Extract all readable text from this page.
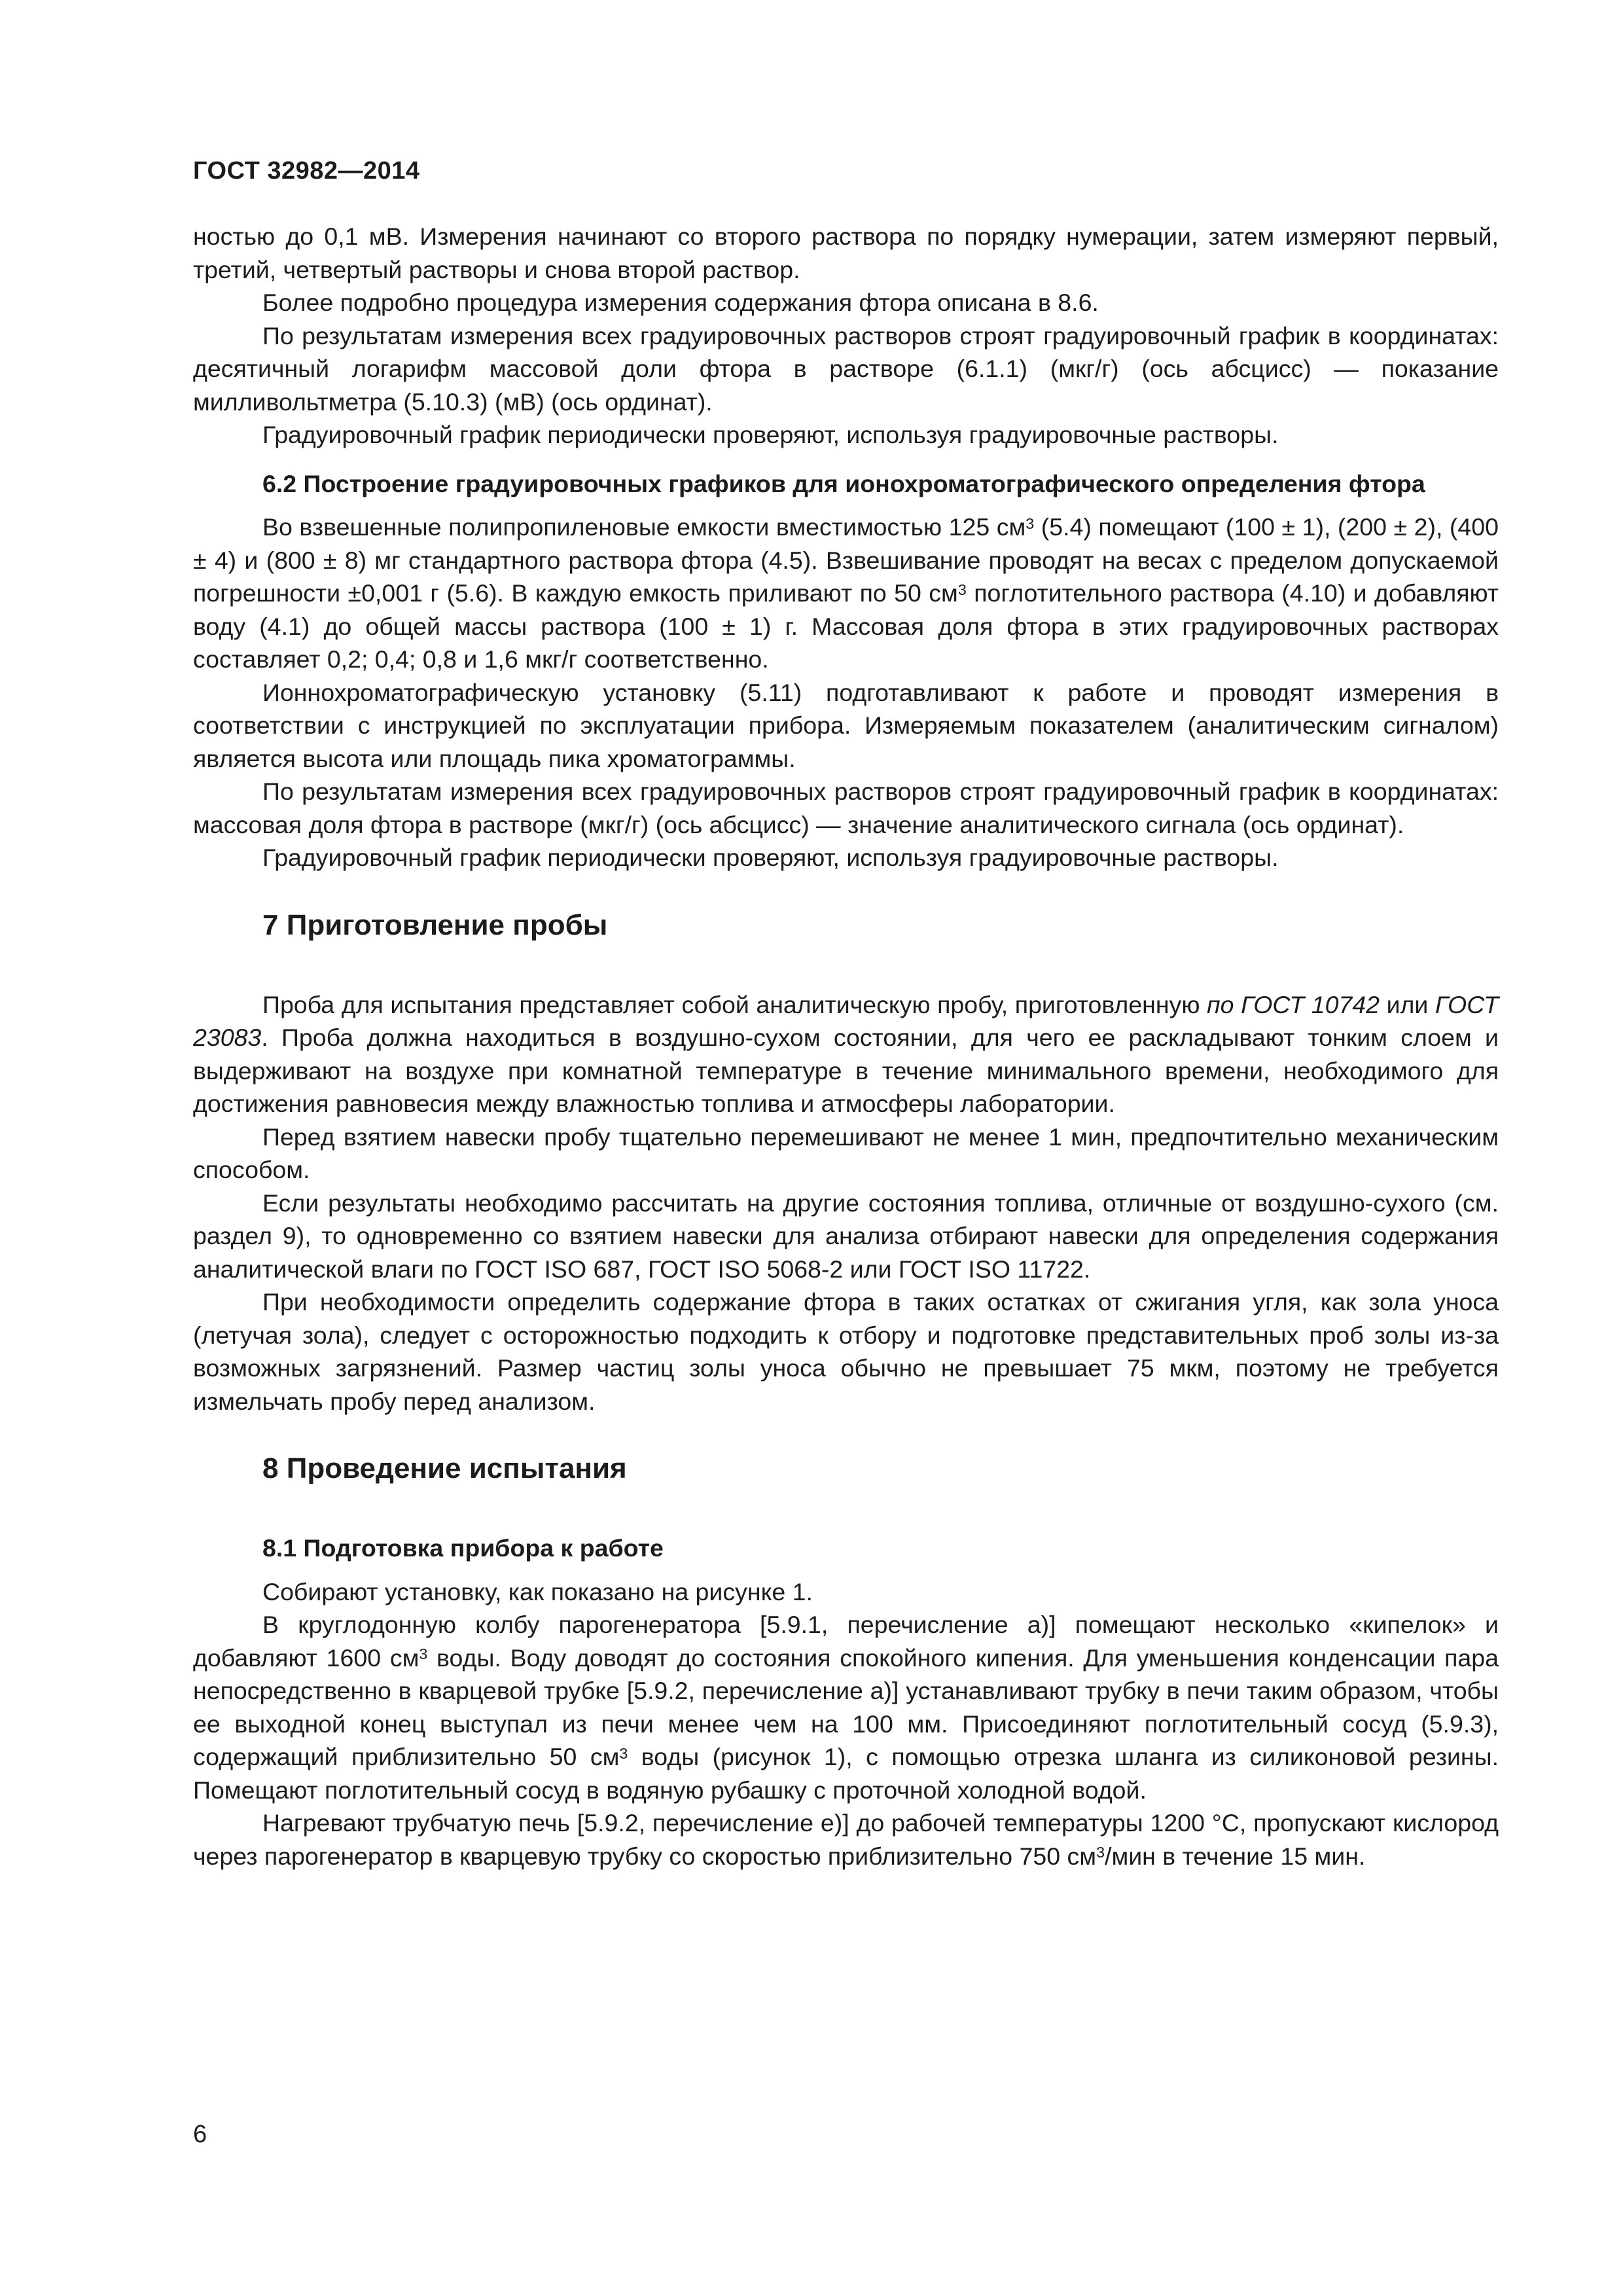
ГОСТ 32982—2014

ностью до 0,1 мВ. Измерения начинают со второго раствора по порядку нумерации, затем измеряют первый, третий, четвертый растворы и снова второй раствор.

Более подробно процедура измерения содержания фтора описана в 8.6.

По результатам измерения всех градуировочных растворов строят градуировочный график в координатах: десятичный логарифм массовой доли фтора в растворе (6.1.1) (мкг/г) (ось абсцисс) — показание милливольтметра (5.10.3) (мВ) (ось ординат).

Градуировочный график периодически проверяют, используя градуировочные растворы.

6.2 Построение градуировочных графиков для ионохроматографического определения фтора

Во взвешенные полипропиленовые емкости вместимостью 125 $см^3$ (5.4) помещают (100 ± 1), (200 ± 2), (400 ± 4) и (800 ± 8) мг стандартного раствора фтора (4.5). Взвешивание проводят на весах с пределом допускаемой погрешности ±0,001 г (5.6). В каждую емкость приливают по 50 $см^3$ поглотительного раствора (4.10) и добавляют воду (4.1) до общей массы раствора (100 ± 1) г. Массовая доля фтора в этих градуировочных растворах составляет 0,2; 0,4; 0,8 и 1,6 мкг/г соответственно.

Ионнохроматографическую установку (5.11) подготавливают к работе и проводят измерения в соответствии с инструкцией по эксплуатации прибора. Измеряемым показателем (аналитическим сигналом) является высота или площадь пика хроматограммы.

По результатам измерения всех градуировочных растворов строят градуировочный график в координатах: массовая доля фтора в растворе (мкг/г) (ось абсцисс) — значение аналитического сигнала (ось ординат).

Градуировочный график периодически проверяют, используя градуировочные растворы.

7 Приготовление пробы

Проба для испытания представляет собой аналитическую пробу, приготовленную по ГОСТ 10742 или ГОСТ 23083. Проба должна находиться в воздушно-сухом состоянии, для чего ее раскладывают тонким слоем и выдерживают на воздухе при комнатной температуре в течение минимального времени, необходимого для достижения равновесия между влажностью топлива и атмосферы лаборатории.

Перед взятием навески пробу тщательно перемешивают не менее 1 мин, предпочтительно механическим способом.

Если результаты необходимо рассчитать на другие состояния топлива, отличные от воздушно-сухого (см. раздел 9), то одновременно со взятием навески для анализа отбирают навески для определения содержания аналитической влаги по ГОСТ ISO 687, ГОСТ ISO 5068-2 или ГОСТ ISO 11722.

При необходимости определить содержание фтора в таких остатках от сжигания угля, как зола уноса (летучая зола), следует с осторожностью подходить к отбору и подготовке представительных проб золы из-за возможных загрязнений. Размер частиц золы уноса обычно не превышает 75 мкм, поэтому не требуется измельчать пробу перед анализом.

8 Проведение испытания
8.1 Подготовка прибора к работе

Собирают установку, как показано на рисунке 1.

В круглодонную колбу парогенератора [5.9.1, перечисление а)] помещают несколько «кипелок» и добавляют 1600 $см^3$ воды. Воду доводят до состояния спокойного кипения. Для уменьшения конденсации пара непосредственно в кварцевой трубке [5.9.2, перечисление а)] устанавливают трубку в печи таким образом, чтобы ее выходной конец выступал из печи менее чем на 100 мм. Присоединяют поглотительный сосуд (5.9.3), содержащий приблизительно 50 $см^3$ воды (рисунок 1), с помощью отрезка шланга из силиконовой резины. Помещают поглотительный сосуд в водяную рубашку с проточной холодной водой.

Нагревают трубчатую печь [5.9.2, перечисление е)] до рабочей температуры 1200 °С, пропускают кислород через парогенератор в кварцевую трубку со скоростью приблизительно 750 $см^3$/мин в течение 15 мин.

6
